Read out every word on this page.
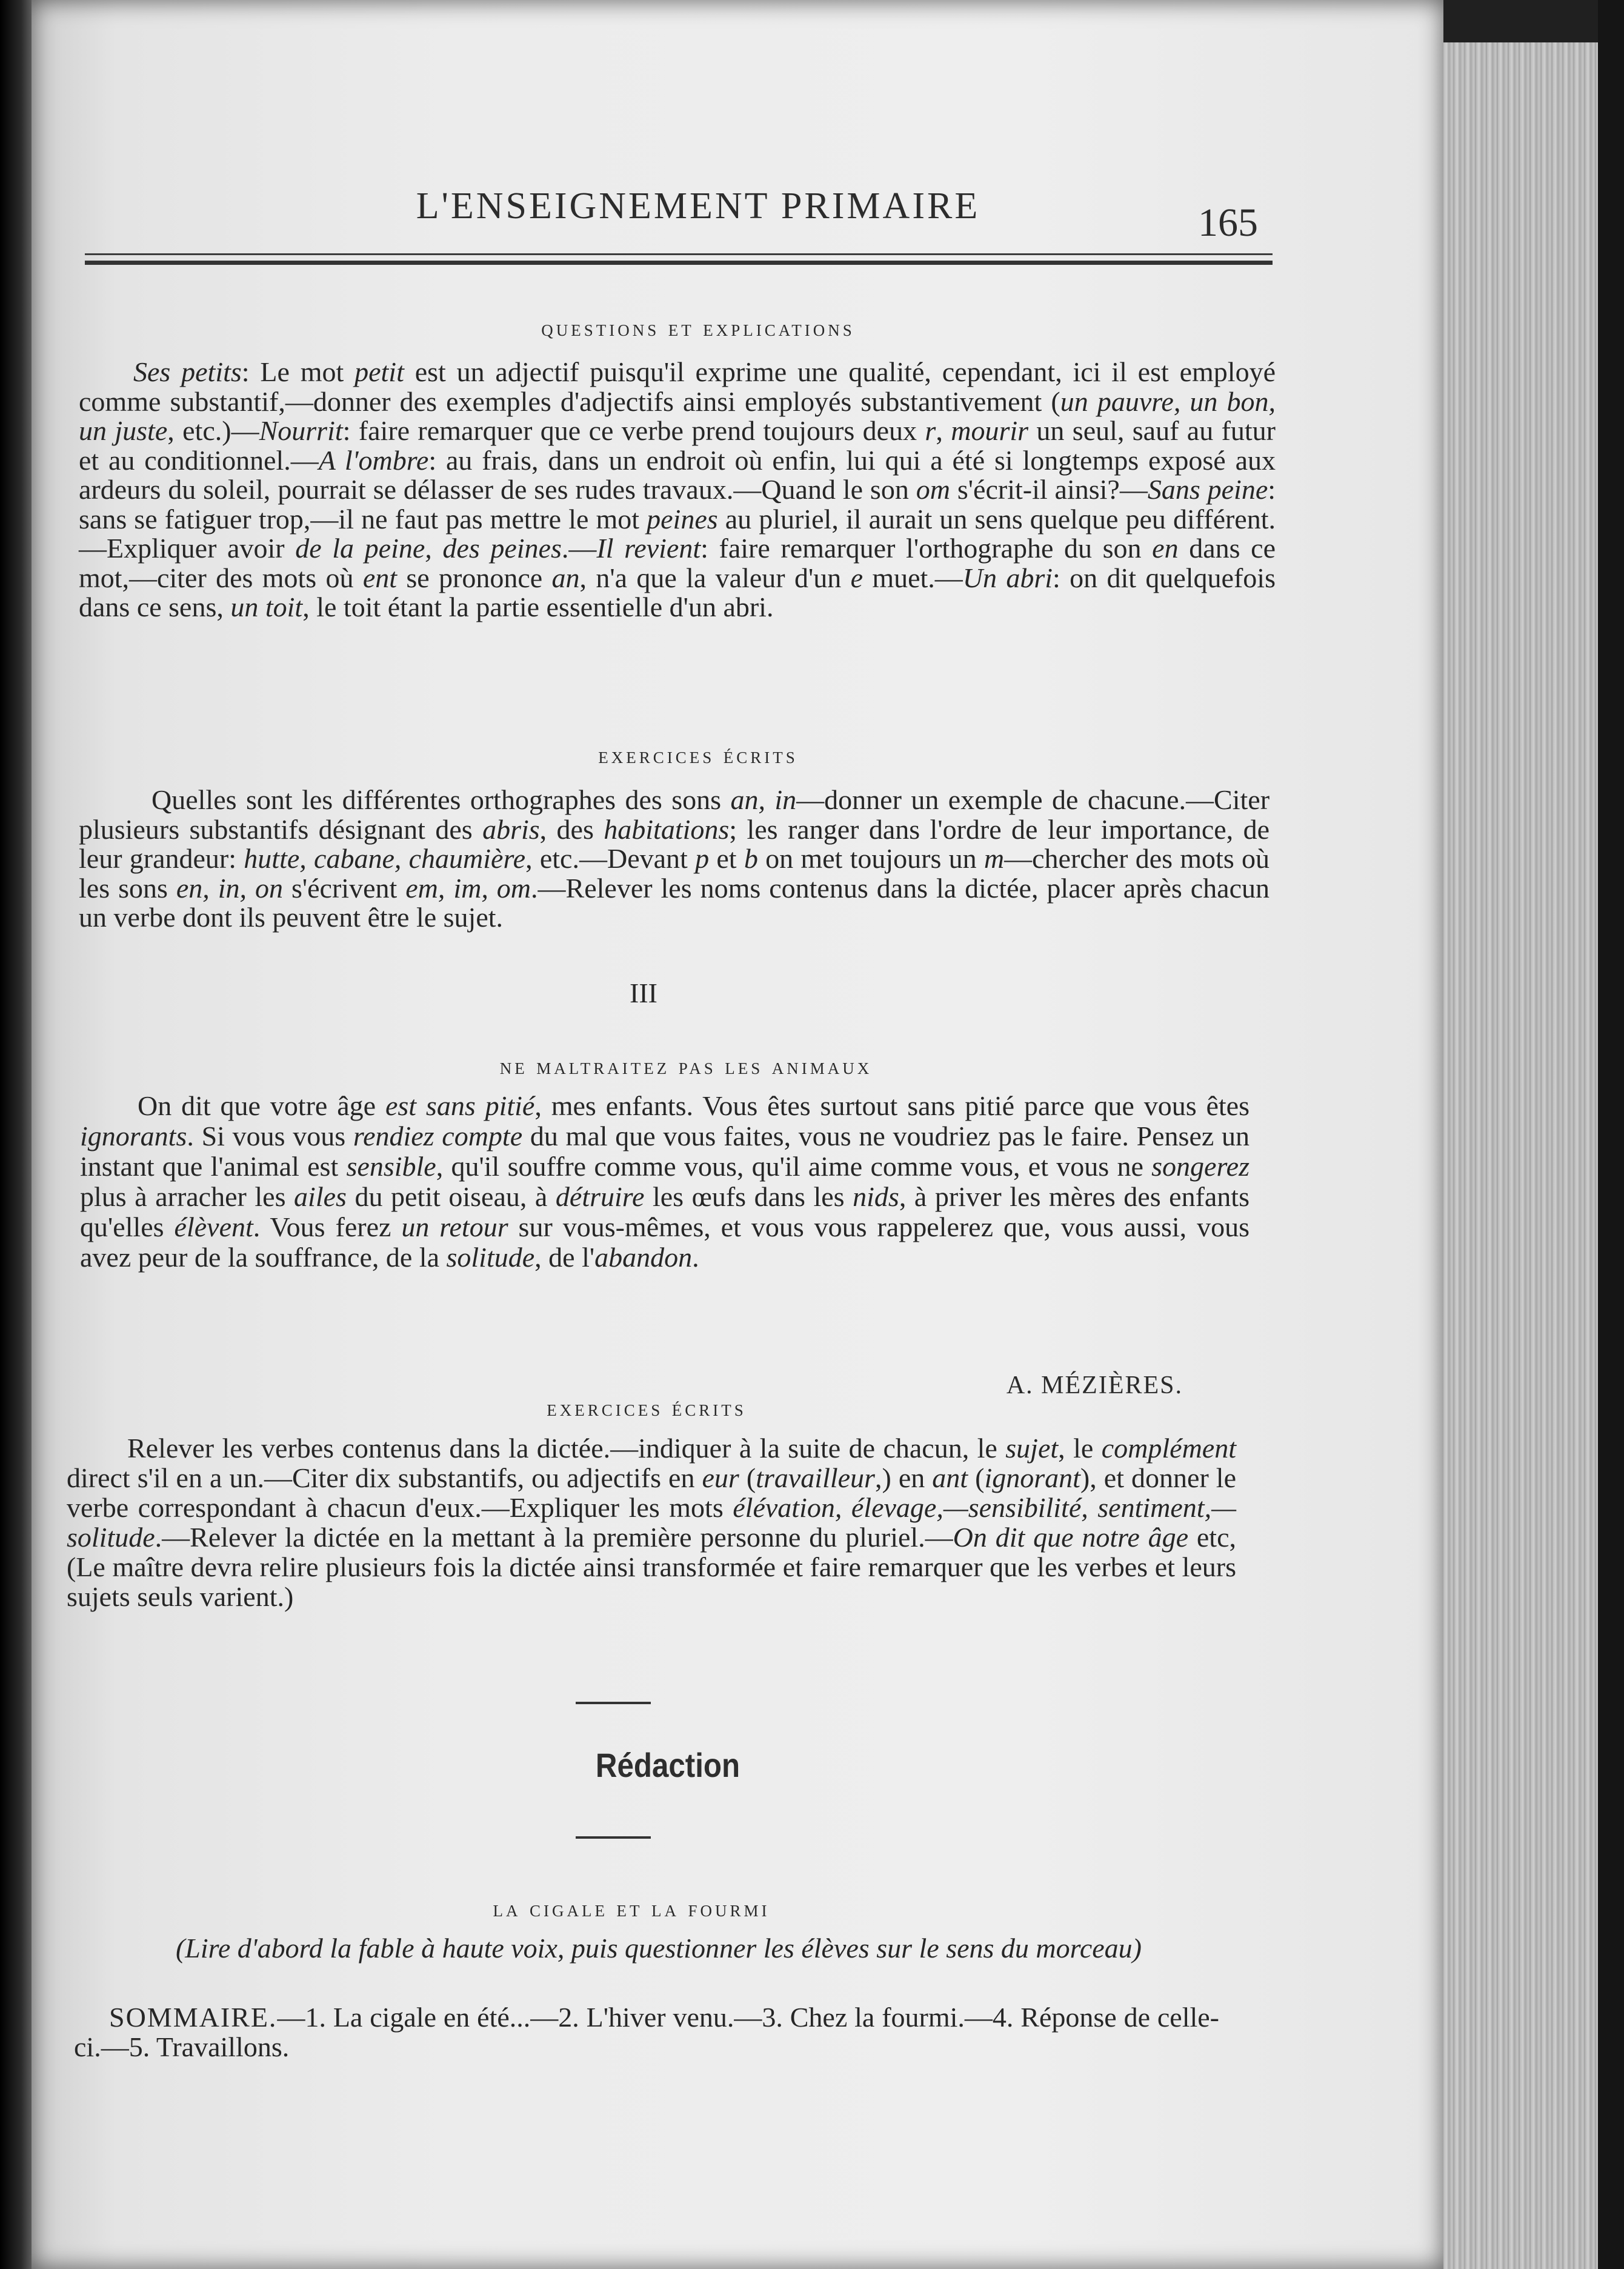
L'ENSEIGNEMENT PRIMAIRE	165
questions et explications
Ses petits: Le mot petit est un adjectif puisqu'il exprime une qualité, cependant, ici il est employé comme substantif,—donner des exemples d'adjectifs ainsi employés substantivement (un pauvre, un bon, un juste, etc.)—Nourrit: faire remarquer que ce verbe prend toujours deux r, mourir un seul, sauf au futur et au conditionnel.—A l'ombre: au frais, dans un endroit où enfin, lui qui a été si longtemps exposé aux ardeurs du soleil, pourrait se délasser de ses rudes travaux.—Quand le son om s'écrit-il ainsi?—Sans peine: sans se fatiguer trop,—il ne faut pas mettre le mot peines au pluriel, il aurait un sens quelque peu différent.—Expliquer avoir de la peine, des peines.—Il revient: faire remarquer l'orthographe du son en dans ce mot,—citer des mots où ent se prononce an, n'a que la valeur d'un e muet.—Un abri: on dit quelquefois dans ce sens, un toit, le toit étant la partie essentielle d'un abri.
exercices écrits
Quelles sont les différentes orthographes des sons an, in—donner un exemple de chacune.—Citer plusieurs substantifs désignant des abris, des habitations; les ranger dans l'ordre de leur importance, de leur grandeur: hutte, cabane, chaumière, etc.—Devant p et b on met toujours un m—chercher des mots où les sons en, in, on s'écrivent em, im, om.—Relever les noms contenus dans la dictée, placer après chacun un verbe dont ils peuvent être le sujet.
III
ne maltraitez pas les animaux
On dit que votre âge est sans pitié, mes enfants. Vous êtes surtout sans pitié parce que vous êtes ignorants. Si vous vous rendiez compte du mal que vous faites, vous ne voudriez pas le faire. Pensez un instant que l'animal est sensible, qu'il souffre comme vous, qu'il aime comme vous, et vous ne songerez plus à arracher les ailes du petit oiseau, à détruire les œufs dans les nids, à priver les mères des enfants qu'elles élèvent. Vous ferez un retour sur vous-mêmes, et vous vous rappelerez que, vous aussi, vous avez peur de la souffrance, de la solitude, de l'abandon.
A. MÉZIÈRES.
exercices écrits
Relever les verbes contenus dans la dictée.—indiquer à la suite de chacun, le sujet, le complément direct s'il en a un.—Citer dix substantifs, ou adjectifs en eur (travailleur,) en ant (ignorant), et donner le verbe correspondant à chacun d'eux.—Expliquer les mots élévation, élevage,—sensibilité, sentiment,—solitude.—Relever la dictée en la mettant à la première personne du pluriel.—On dit que notre âge etc, (Le maître devra relire plusieurs fois la dictée ainsi transformée et faire remarquer que les verbes et leurs sujets seuls varient.)
Rédaction
la cigale et la fourmi
(Lire d'abord la fable à haute voix, puis questionner les élèves sur le sens du morceau)
SOMMAIRE.—1. La cigale en été...—2. L'hiver venu.—3. Chez la fourmi.—4. Réponse de celle-ci.—5. Travaillons.
